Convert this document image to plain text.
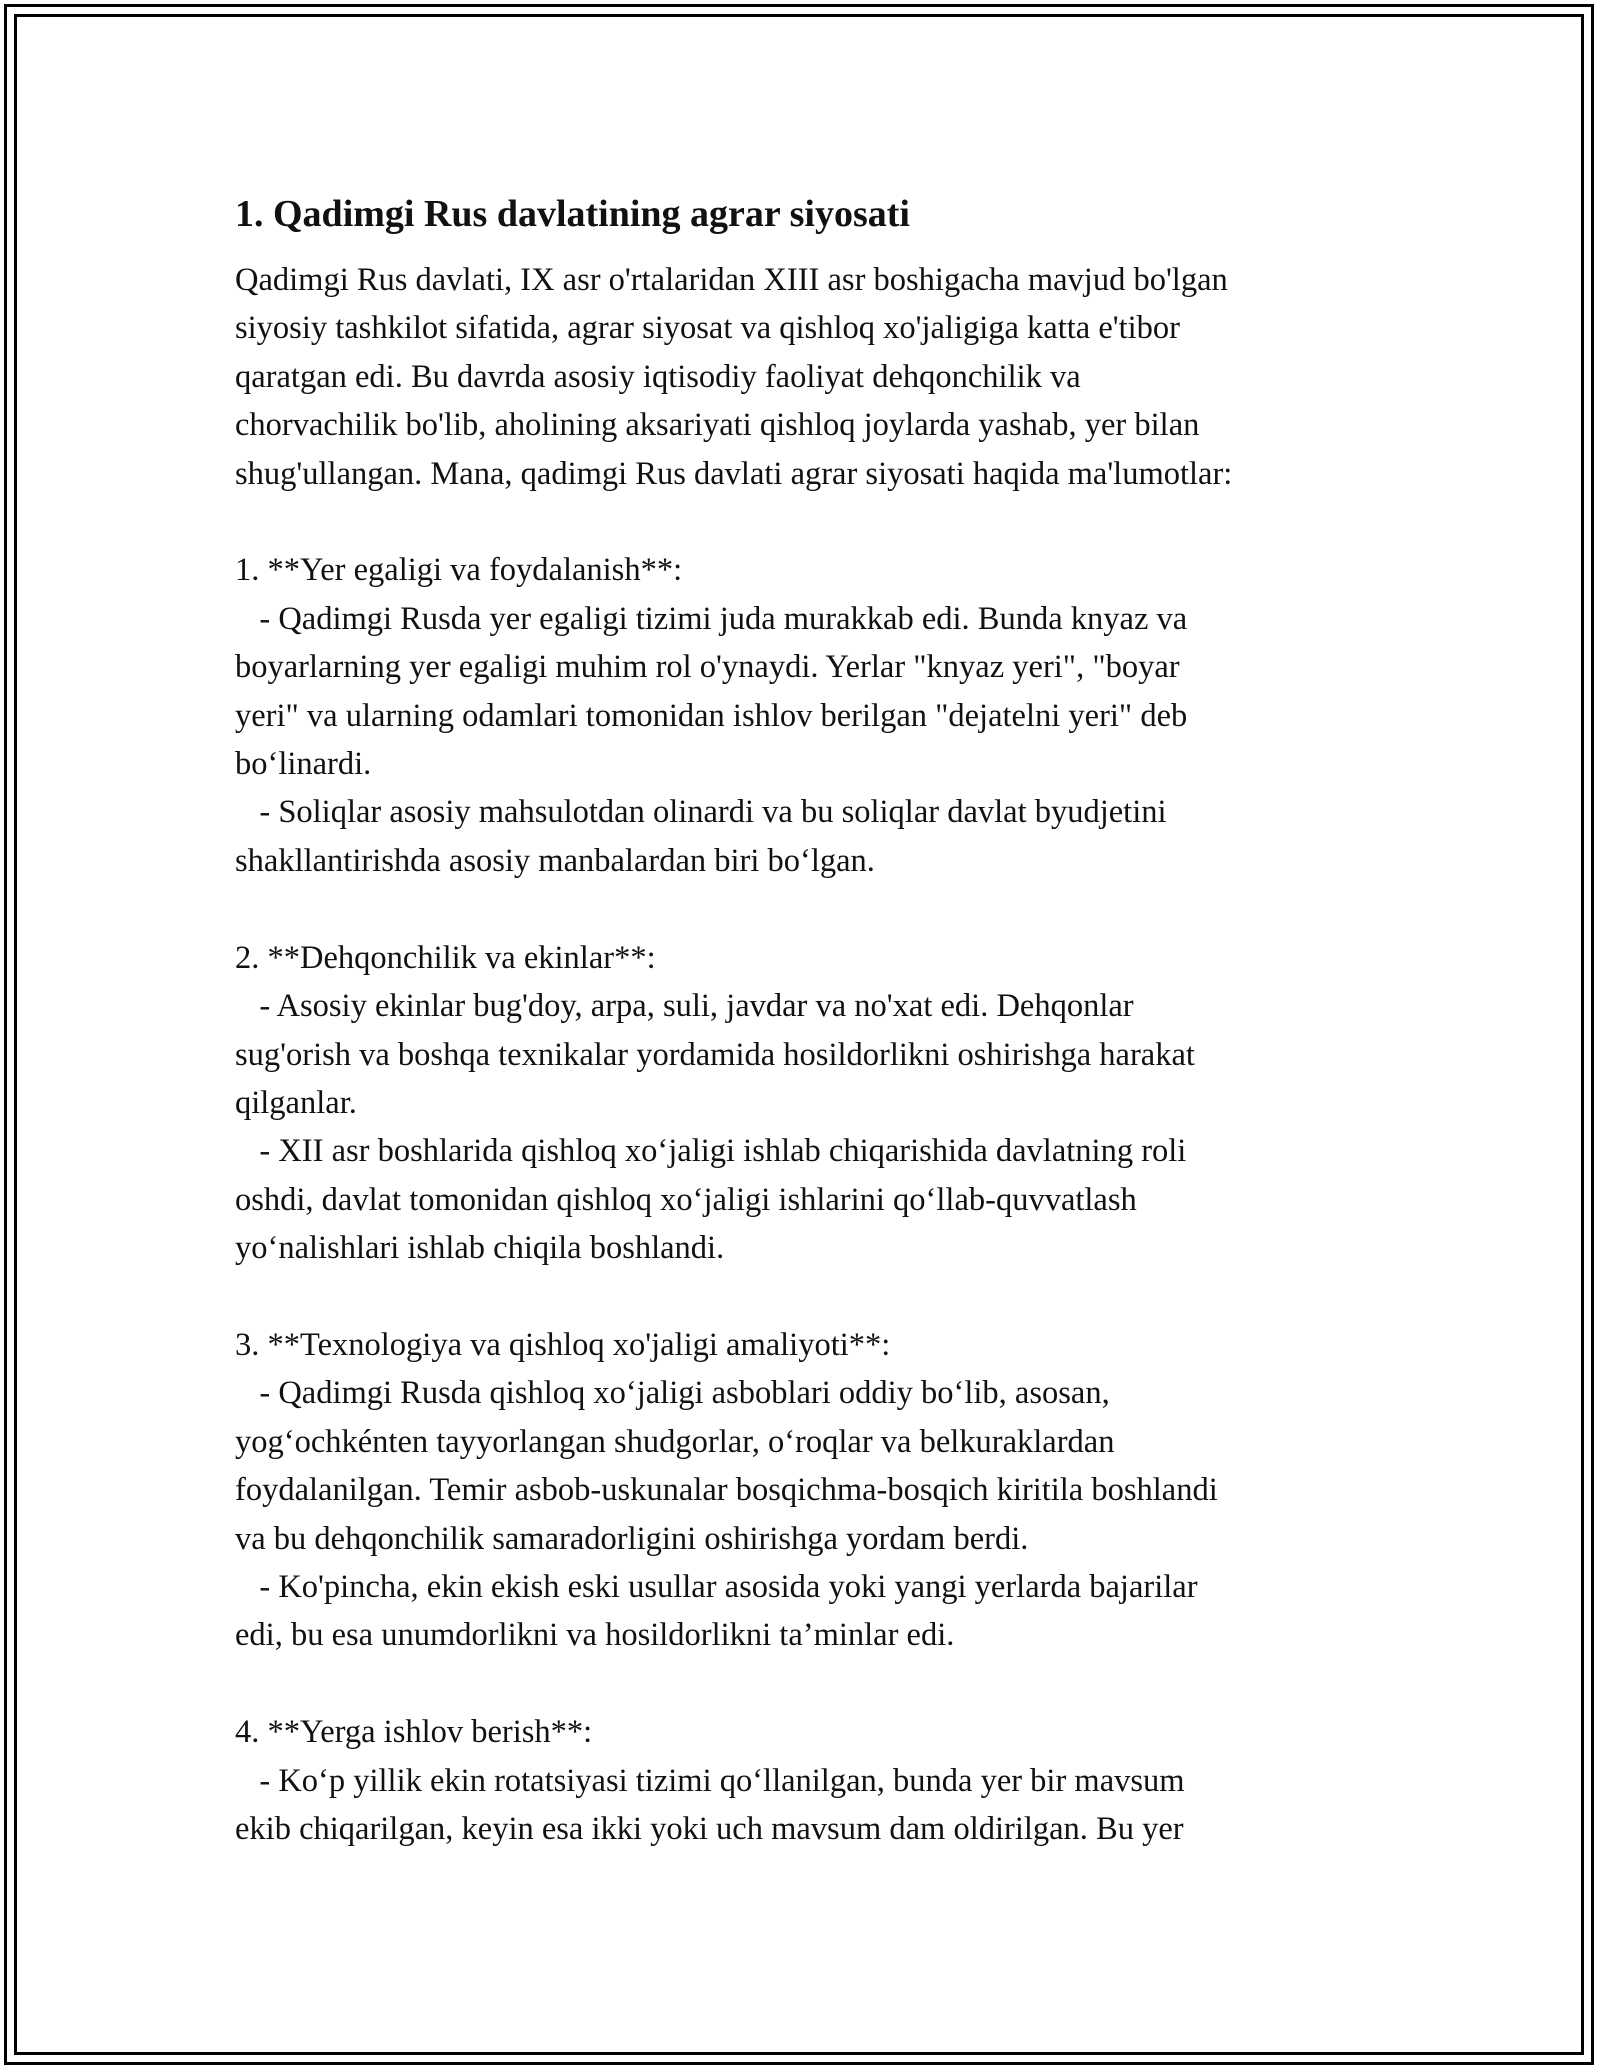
1. Qadimgi Rus davlatining agrar siyosati

Qadimgi Rus davlati, IX asr o'rtalaridan XIII asr boshigacha mavjud bo'lgan
siyosiy tashkilot sifatida, agrar siyosat va qishloq xo'jaligiga katta e'tibor
qaratgan edi. Bu davrda asosiy iqtisodiy faoliyat dehqonchilik va
chorvachilik bo'lib, aholining aksariyati qishloq joylarda yashab, yer bilan
shug'ullangan. Mana, qadimgi Rus davlati agrar siyosati haqida ma'lumotlar:

1. **Yer egaligi va foydalanish**:
- Qadimgi Rusda yer egaligi tizimi juda murakkab edi. Bunda knyaz va
boyarlarning yer egaligi muhim rol o'ynaydi. Yerlar "knyaz yeri", "boyar
yeri" va ularning odamlari tomonidan ishlov berilgan "dejatelni yeri" deb
bo‘linardi.
- Soliqlar asosiy mahsulotdan olinardi va bu soliqlar davlat byudjetini
shakllantirishda asosiy manbalardan biri bo‘lgan.

2. **Dehqonchilik va ekinlar**:
- Asosiy ekinlar bug'doy, arpa, suli, javdar va no'xat edi. Dehqonlar
sug'orish va boshqa texnikalar yordamida hosildorlikni oshirishga harakat
qilganlar.
- XII asr boshlarida qishloq xo‘jaligi ishlab chiqarishida davlatning roli
oshdi, davlat tomonidan qishloq xo‘jaligi ishlarini qo‘llab-quvvatlash
yo‘nalishlari ishlab chiqila boshlandi.

3. **Texnologiya va qishloq xo'jaligi amaliyoti**:
- Qadimgi Rusda qishloq xo‘jaligi asboblari oddiy bo‘lib, asosan,
yog‘ochkénten tayyorlangan shudgorlar, o‘roqlar va belkuraklardan
foydalanilgan. Temir asbob-uskunalar bosqichma-bosqich kiritila boshlandi
va bu dehqonchilik samaradorligini oshirishga yordam berdi.
- Ko'pincha, ekin ekish eski usullar asosida yoki yangi yerlarda bajarilar
edi, bu esa unumdorlikni va hosildorlikni ta’minlar edi.

4. **Yerga ishlov berish**:
- Ko‘p yillik ekin rotatsiyasi tizimi qo‘llanilgan, bunda yer bir mavsum
ekib chiqarilgan, keyin esa ikki yoki uch mavsum dam oldirilgan. Bu yer
